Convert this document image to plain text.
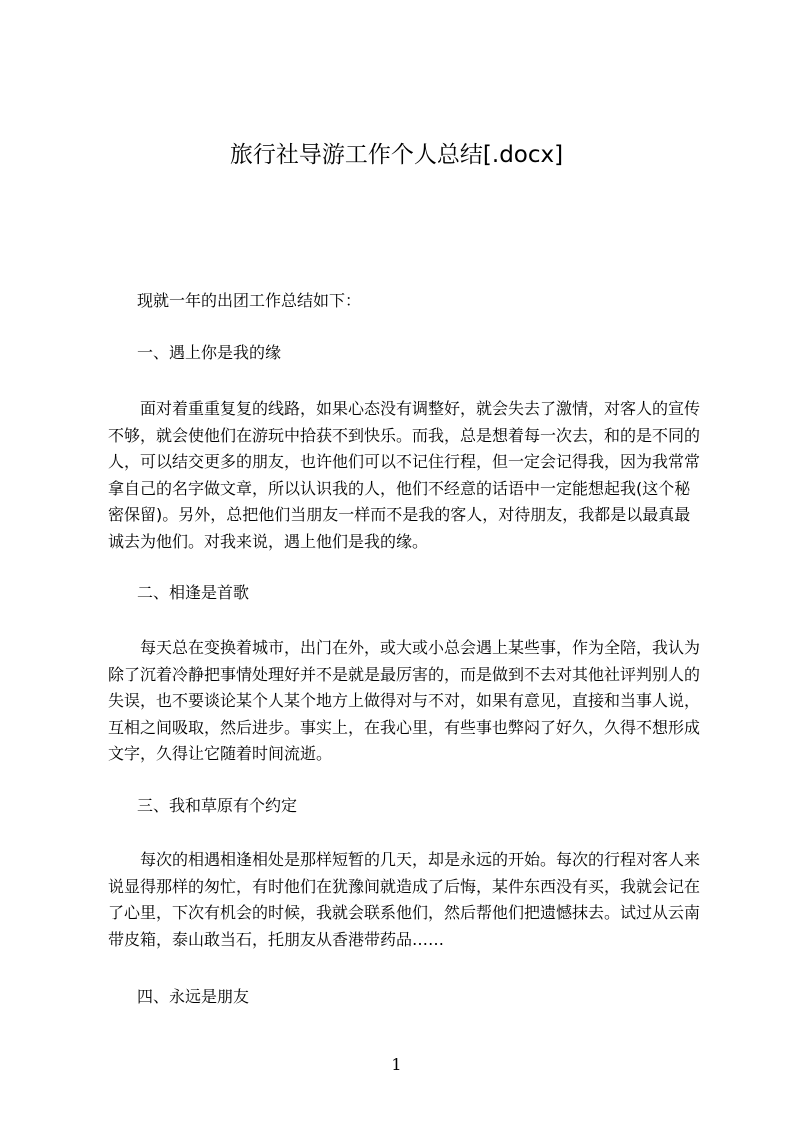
旅行社导游工作个人总结[.docx]
现就一年的出团工作总结如下：
一、遇上你是我的缘
面对着重重复复的线路，如果心态没有调整好，就会失去了激情，对客人的宣传
不够，就会使他们在游玩中拾获不到快乐。而我，总是想着每一次去，和的是不同的
人，可以结交更多的朋友，也许他们可以不记住行程，但一定会记得我，因为我常常
拿自己的名字做文章，所以认识我的人，他们不经意的话语中一定能想起我(这个秘
密保留)。另外，总把他们当朋友一样而不是我的客人，对待朋友，我都是以最真最
诚去为他们。对我来说，遇上他们是我的缘。
二、相逢是首歌
每天总在变换着城市，出门在外，或大或小总会遇上某些事，作为全陪，我认为
除了沉着冷静把事情处理好并不是就是最厉害的，而是做到不去对其他社评判别人的
失误，也不要谈论某个人某个地方上做得对与不对，如果有意见，直接和当事人说，
互相之间吸取，然后进步。事实上，在我心里，有些事也弊闷了好久，久得不想形成
文字，久得让它随着时间流逝。
三、我和草原有个约定
每次的相遇相逢相处是那样短暂的几天，却是永远的开始。每次的行程对客人来
说显得那样的匆忙，有时他们在犹豫间就造成了后悔，某件东西没有买，我就会记在
了心里，下次有机会的时候，我就会联系他们，然后帮他们把遗憾抹去。试过从云南
带皮箱，泰山敢当石，托朋友从香港带药品……
四、永远是朋友
1
